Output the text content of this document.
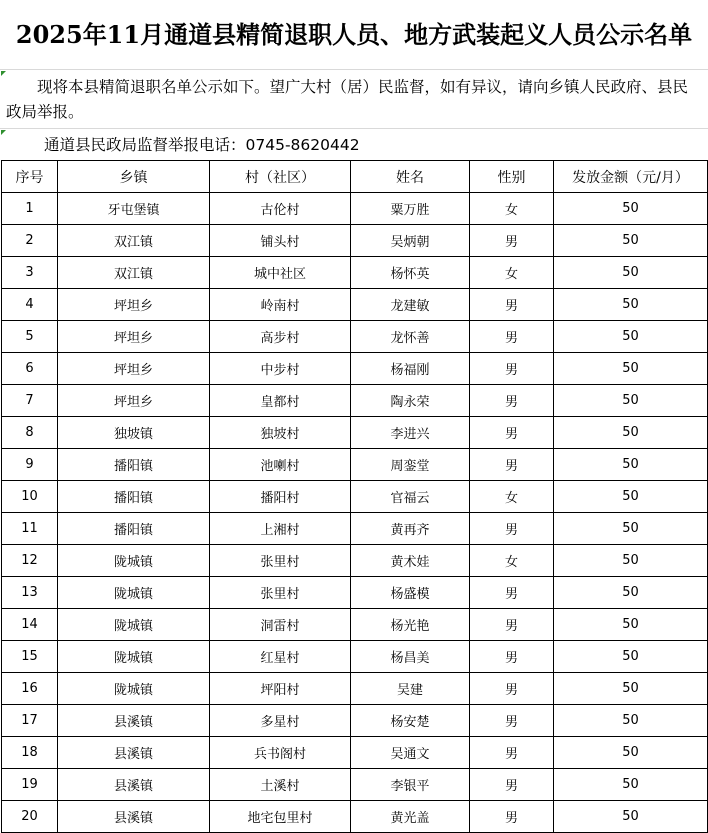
2025年11月通道县精简退职人员、地方武装起义人员公示名单
现将本县精简退职名单公示如下。望广大村（居）民监督，如有异议，请向乡镇人民政府、县民政局举报。
通道县民政局监督举报电话：0745-8620442
序号	乡镇	村（社区）	姓名	性别	发放金额（元/月）
1	牙屯堡镇	古伦村	粟万胜	女	50
2	双江镇	铺头村	吴炳朝	男	50
3	双江镇	城中社区	杨怀英	女	50
4	坪坦乡	岭南村	龙建敏	男	50
5	坪坦乡	高步村	龙怀善	男	50
6	坪坦乡	中步村	杨福刚	男	50
7	坪坦乡	皇都村	陶永荣	男	50
8	独坡镇	独坡村	李进兴	男	50
9	播阳镇	池喇村	周銮堂	男	50
10	播阳镇	播阳村	官福云	女	50
11	播阳镇	上湘村	黄再齐	男	50
12	陇城镇	张里村	黄术娃	女	50
13	陇城镇	张里村	杨盛模	男	50
14	陇城镇	洞雷村	杨光艳	男	50
15	陇城镇	红星村	杨昌美	男	50
16	陇城镇	坪阳村	吴建	男	50
17	县溪镇	多星村	杨安楚	男	50
18	县溪镇	兵书阁村	吴通文	男	50
19	县溪镇	土溪村	李银平	男	50
20	县溪镇	地宅包里村	黄光盖	男	50
